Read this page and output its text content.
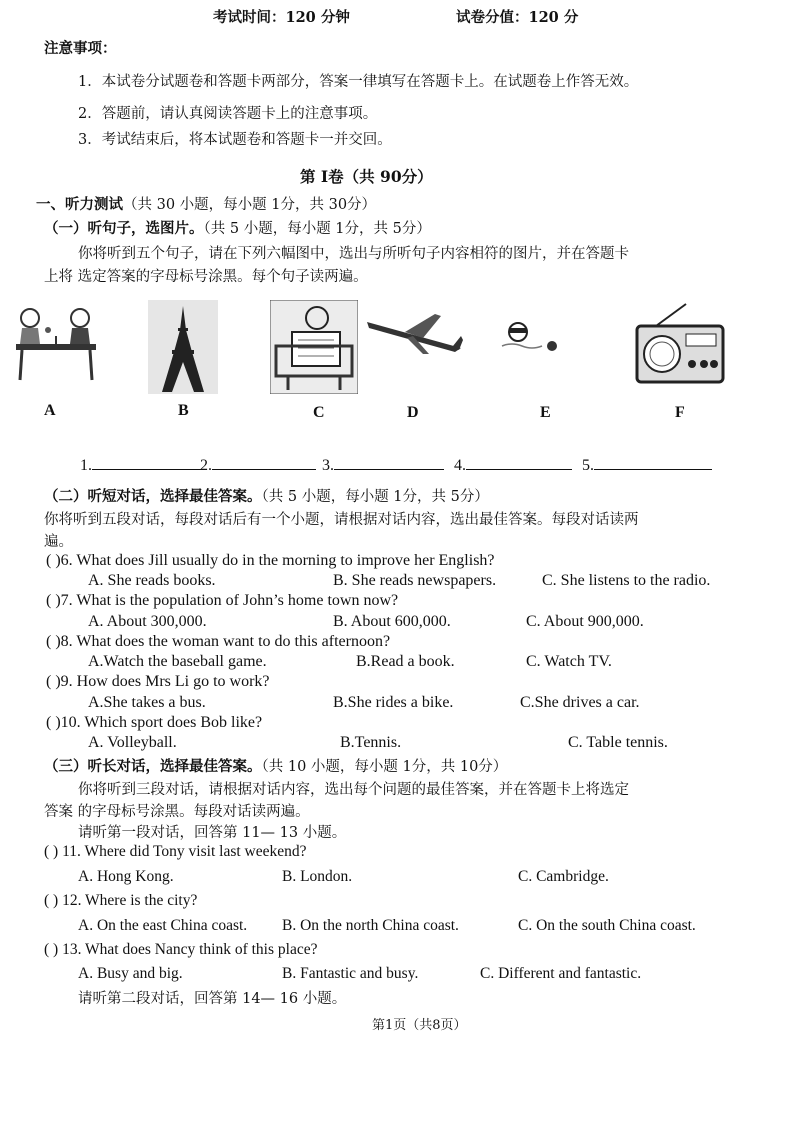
考试时间：120 分钟	试卷分值：120 分
注意事项：
1．本试卷分试题卷和答题卡两部分，答案一律填写在答题卡上。在试题卷上作答无效。
2．答题前，请认真阅读答题卡上的注意事项。
3．考试结束后，将本试题卷和答题卡一并交回。
第 I卷（共 90分）
一、听力测试（共 30 小题，每小题 1分，共 30分）
（一）听句子，选图片。（共 5 小题，每小题 1分，共 5分）
你将听到五个句子，请在下列六幅图中，选出与所听句子内容相符的图片，并在答题卡
上将 选定答案的字母标号涂黑。每个句子读两遍。
A	B	C	D	E	F
1.	2.	3.	4.	5.
（二）听短对话，选择最佳答案。（共 5 小题，每小题 1分，共 5分）
你将听到五段对话，每段对话后有一个小题，请根据对话内容，选出最佳答案。每段对话读两
遍。
( )6. What does Jill usually do in the morning to improve her English?
A. She reads books.	B. She reads newspapers.	C. She listens to the radio.
( )7. What is the population of John’s home town now?
A. About 300,000.	B. About 600,000.	C. About 900,000.
( )8. What does the woman want to do this afternoon?
A.Watch the baseball game.	B.Read a book.	C. Watch TV.
( )9. How does Mrs Li go to work?
A.She takes a bus.	B.She rides a bike.	C.She drives a car.
( )10. Which sport does Bob like?
A. Volleyball.	B.Tennis.	C. Table tennis.
（三）听长对话，选择最佳答案。（共 10 小题，每小题 1分，共 10分）
你将听到三段对话，请根据对话内容，选出每个问题的最佳答案，并在答题卡上将选定
答案 的字母标号涂黑。每段对话读两遍。
请听第一段对话，回答第 11— 13 小题。
( ) 11. Where did Tony visit last weekend?
A. Hong Kong.	B. London.	C. Cambridge.
( ) 12. Where is the city?
A. On the east China coast. B. On the north China coast.	C. On the south China coast.
( ) 13. What does Nancy think of this place?
A. Busy and big.	B. Fantastic and busy.	C. Different and fantastic.
请听第二段对话，回答第 14— 16 小题。
第1页（共8页）
